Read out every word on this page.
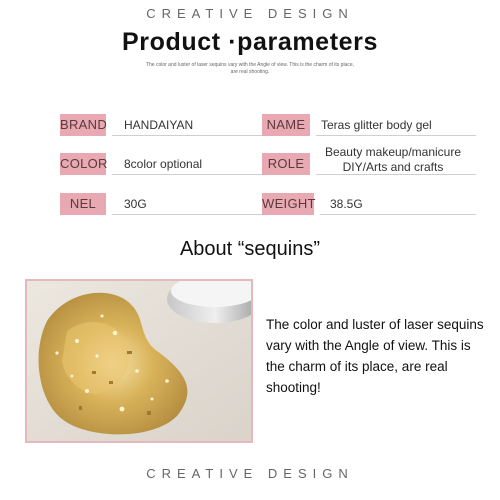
CREATIVE DESIGN
Product ·parameters
The color and luster of laser sequins vary with the Angle of view. This is the charm of its place, are real shooting.
BRAND HANDAIYAN
COLOR 8color optional
NEL	30G
NAME	Teras glitter body gel
ROLE
Beauty makeup/manicure DIY/Arts and crafts
WEIGHT 38.5G
About “sequins”
The color and luster of laser sequins vary with the Angle of view. This is the charm of its place, are real shooting!
CREATIVE DESIGN
